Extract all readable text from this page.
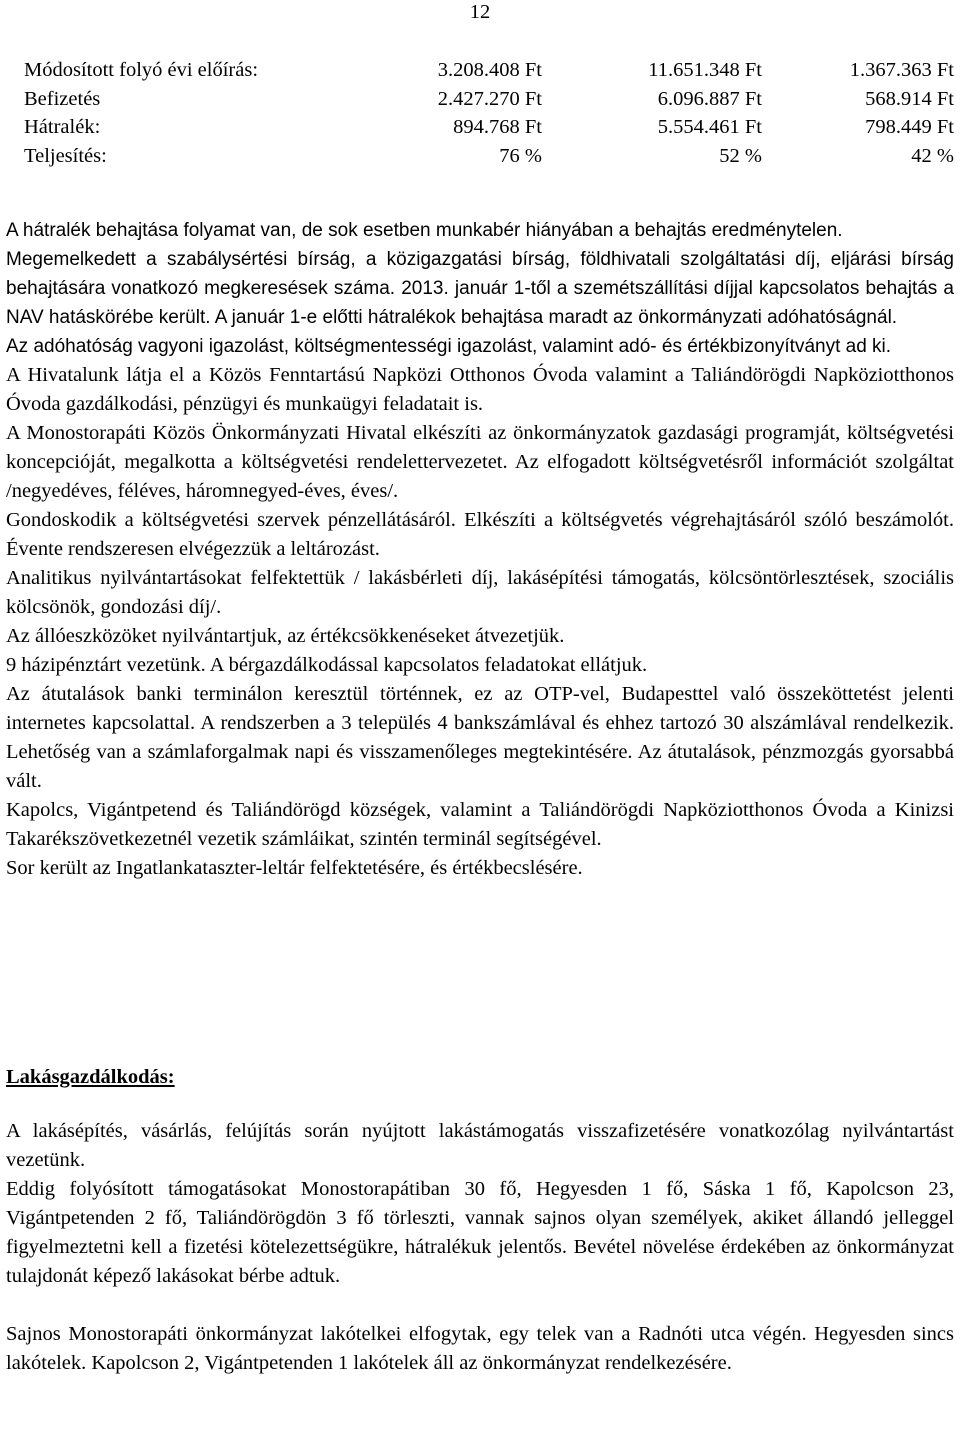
12
Módosított folyó évi előírás:	3.208.408 Ft	11.651.348 Ft	1.367.363 Ft
Befizetés	2.427.270 Ft	6.096.887 Ft	568.914 Ft
Hátralék:	894.768 Ft	5.554.461 Ft	798.449 Ft
Teljesítés:	76 %	52 %	42 %

A hátralék behajtása folyamat van, de sok esetben munkabér hiányában a behajtás eredménytelen.

Megemelkedett a szabálysértési bírság, a közigazgatási bírság, földhivatali szolgáltatási díj, eljárási bírság behajtására vonatkozó megkeresések száma. 2013. január 1-től a szemétszállítási díjjal kapcsolatos behajtás a NAV hatáskörébe került. A január 1-e előtti hátralékok behajtása maradt az önkormányzati adóhatóságnál.

Az adóhatóság vagyoni igazolást, költségmentességi igazolást, valamint adó- és értékbizonyítványt ad ki.

A Hivatalunk látja el a Közös Fenntartású Napközi Otthonos Óvoda valamint a Taliándörögdi Napköziotthonos Óvoda gazdálkodási, pénzügyi és munkaügyi feladatait is.

A Monostorapáti Közös Önkormányzati Hivatal elkészíti az önkormányzatok gazdasági programját, költségvetési koncepcióját, megalkotta a költségvetési rendelettervezetet. Az elfogadott költségvetésről információt szolgáltat /negyedéves, féléves, háromnegyed-éves, éves/.

Gondoskodik a költségvetési szervek pénzellátásáról. Elkészíti a költségvetés végrehajtásáról szóló beszámolót. Évente rendszeresen elvégezzük a leltározást.

Analitikus nyilvántartásokat felfektettük / lakásbérleti díj, lakásépítési támogatás, kölcsöntörlesztések, szociális kölcsönök, gondozási díj/.

Az állóeszközöket nyilvántartjuk, az értékcsökkenéseket átvezetjük.

9 házipénztárt vezetünk. A bérgazdálkodással kapcsolatos feladatokat ellátjuk.

Az átutalások banki terminálon keresztül történnek, ez az OTP-vel, Budapesttel való összeköttetést jelenti internetes kapcsolattal. A rendszerben a 3 település 4 bankszámlával és ehhez tartozó 30 alszámlával rendelkezik. Lehetőség van a számlaforgalmak napi és visszamenőleges megtekintésére. Az átutalások, pénzmozgás gyorsabbá vált.

Kapolcs, Vigántpetend és Taliándörögd községek, valamint a Taliándörögdi Napköziotthonos Óvoda a Kinizsi Takarékszövetkezetnél vezetik számláikat, szintén terminál segítségével.

Sor került az Ingatlankataszter-leltár felfektetésére, és értékbecslésére.

Lakásgazdálkodás:

A lakásépítés, vásárlás, felújítás során nyújtott lakástámogatás visszafizetésére vonatkozólag nyilvántartást vezetünk.

Eddig folyósított támogatásokat Monostorapátiban 30 fő, Hegyesden 1 fő, Sáska 1 fő, Kapolcson 23, Vigántpetenden 2 fő, Taliándörögdön 3 fő törleszti, vannak sajnos olyan személyek, akiket állandó jelleggel figyelmeztetni kell a fizetési kötelezettségükre, hátralékuk jelentős. Bevétel növelése érdekében az önkormányzat tulajdonát képező lakásokat bérbe adtuk.

Sajnos Monostorapáti önkormányzat lakótelkei elfogytak, egy telek van a Radnóti utca végén. Hegyesden sincs lakótelek. Kapolcson 2, Vigántpetenden 1 lakótelek áll az önkormányzat rendelkezésére.
